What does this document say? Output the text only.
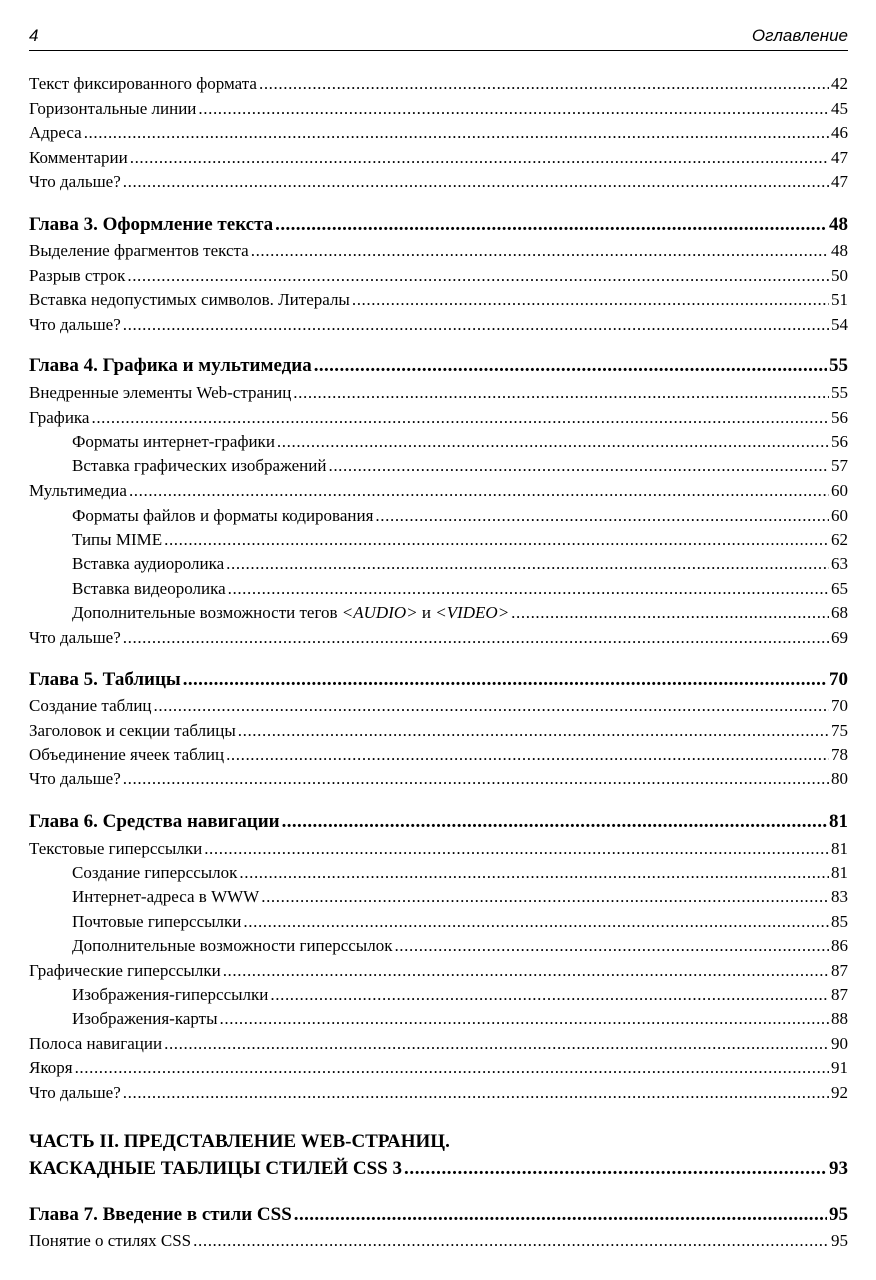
4	Оглавление
Текст фиксированного формата .....	42
Горизонтальные линии .....	45
Адреса .....	46
Комментарии .....	47
Что дальше? .....	47
Глава 3. Оформление текста .....	48
Выделение фрагментов текста .....	48
Разрыв строк .....	50
Вставка недопустимых символов. Литералы .....	51
Что дальше? .....	54
Глава 4. Графика и мультимедиа .....	55
Внедренные элементы Web-страниц .....	55
Графика .....	56
Форматы интернет-графики .....	56
Вставка графических изображений .....	57
Мультимедиа .....	60
Форматы файлов и форматы кодирования .....	60
Типы MIME .....	62
Вставка аудиоролика .....	63
Вставка видеоролика .....	65
Дополнительные возможности тегов <AUDIO> и <VIDEO> .....	68
Что дальше? .....	69
Глава 5. Таблицы .....	70
Создание таблиц .....	70
Заголовок и секции таблицы .....	75
Объединение ячеек таблиц .....	78
Что дальше? .....	80
Глава 6. Средства навигации .....	81
Текстовые гиперссылки .....	81
Создание гиперссылок .....	81
Интернет-адреса в WWW .....	83
Почтовые гиперссылки .....	85
Дополнительные возможности гиперссылок .....	86
Графические гиперссылки .....	87
Изображения-гиперссылки .....	87
Изображения-карты .....	88
Полоса навигации .....	90
Якоря .....	91
Что дальше? .....	92
ЧАСТЬ II. ПРЕДСТАВЛЕНИЕ WEB-СТРАНИЦ.
КАСКАДНЫЕ ТАБЛИЦЫ СТИЛЕЙ CSS 3 .....	93
Глава 7. Введение в стили CSS .....	95
Понятие о стилях CSS .....	95
